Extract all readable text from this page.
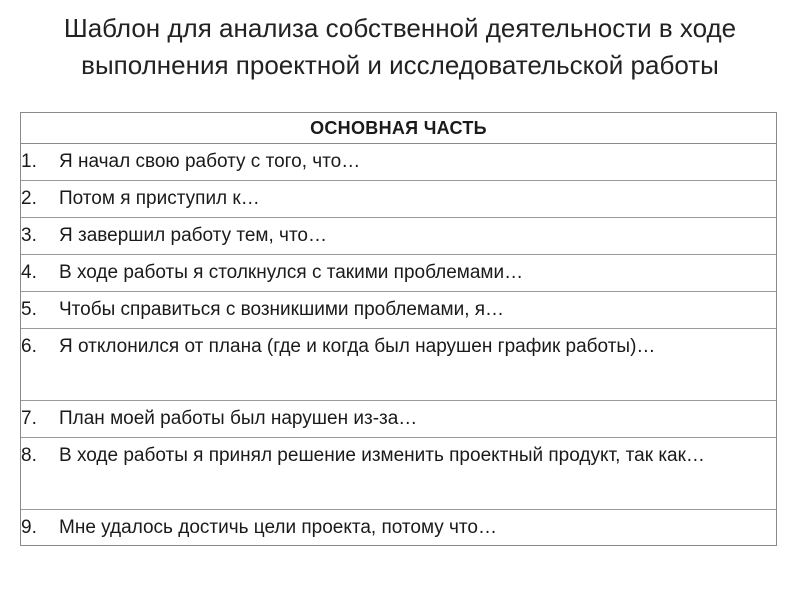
Шаблон для анализа собственной деятельности в ходе выполнения проектной и исследовательской работы
ОСНОВНАЯ ЧАСТЬ
1.	Я начал свою работу с того, что…
2.	Потом я приступил к…
3.	Я завершил работу тем, что…
4.	В ходе работы я столкнулся с такими проблемами…
5.	Чтобы справиться с возникшими проблемами, я…
6.	Я отклонился от плана (где и когда был нарушен график работы)…
7.	План моей работы был нарушен из-за…
8.	В ходе работы я принял решение изменить проектный продукт, так как…
9.	Мне удалось достичь цели проекта, потому что…
